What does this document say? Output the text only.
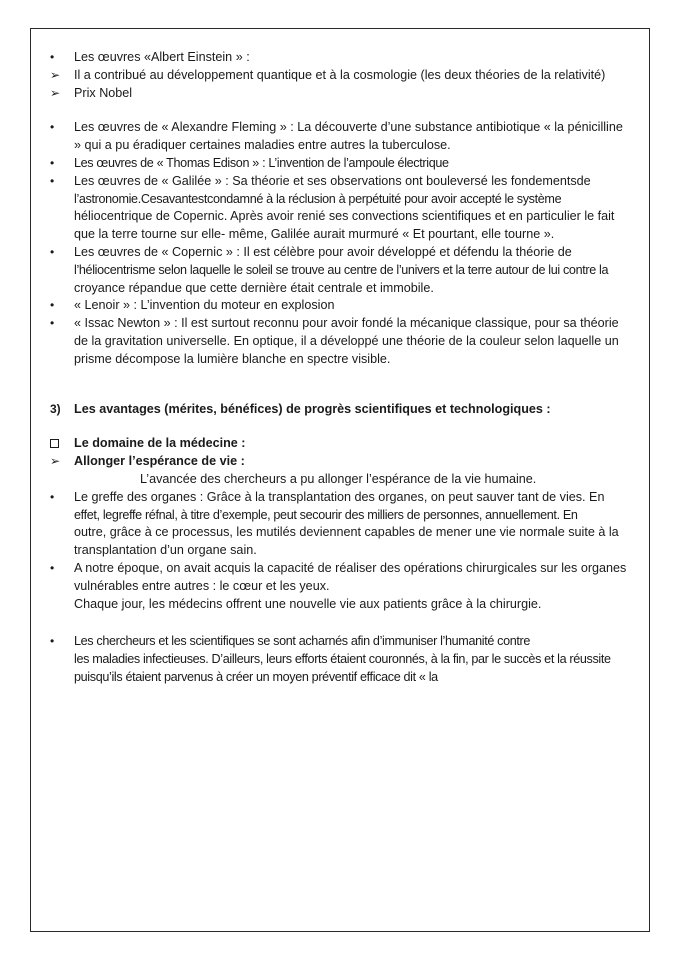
•	Les œuvres «Albert Einstein » :
➢	Il a contribué au développement quantique et à la cosmologie (les deux théories de la relativité)
➢	Prix Nobel
•	Les œuvres de « Alexandre Fleming » : La découverte d’une substance antibiotique « la pénicilline
» qui a pu éradiquer certaines maladies entre autres la tuberculose.
•	Les œuvres de « Thomas Edison » : L’invention de l’ampoule électrique
•	Les œuvres de « Galilée » : Sa théorie et ses observations ont bouleversé les fondementsde
l’astronomie.Cesavantestcondamné à la réclusion à perpétuité pour avoir accepté le système
héliocentrique de Copernic. Après avoir renié ses convections scientifiques et en particulier le fait
que la terre tourne sur elle- même, Galilée aurait murmuré « Et pourtant, elle tourne ».
•	Les œuvres de « Copernic » : Il est célèbre pour avoir développé et défendu la théorie de
l’héliocentrisme selon laquelle le soleil se trouve au centre de l’univers et la terre autour de lui contre la
croyance répandue que cette dernière était centrale et immobile.
•	« Lenoir » : L’invention du moteur en explosion
•	« Issac Newton » : Il est surtout reconnu pour avoir fondé la mécanique classique, pour sa théorie
de la gravitation universelle. En optique, il a développé une théorie de la couleur selon laquelle un
prisme décompose la lumière blanche en spectre visible.
3)	Les avantages (mérites, bénéfices) de progrès scientifiques et technologiques :
Le domaine de la médecine :
➢	Allonger l’espérance de vie :
L’avancée des chercheurs a pu allonger l’espérance de la vie humaine.
•	Le greffe des organes : Grâce à la transplantation des organes, on peut sauver tant de vies. En
effet, legreffe réfnal, à titre d’exemple, peut secourir des milliers de personnes, annuellement. En
outre, grâce à ce processus, les mutilés deviennent capables de mener une vie normale suite à la
transplantation d’un organe sain.
•	A notre époque, on avait acquis la capacité de réaliser des opérations chirurgicales sur les organes
vulnérables entre autres : le cœur et les yeux.
Chaque jour, les médecins offrent une nouvelle vie aux patients grâce à la chirurgie.
•	Les chercheurs et les scientifiques se sont acharnés afin d’immuniser l’humanité contre
les maladies infectieuses. D’ailleurs, leurs efforts étaient couronnés, à la fin, par le succès et la réussite
puisqu’ils étaient parvenus à créer un moyen préventif efficace dit « la
